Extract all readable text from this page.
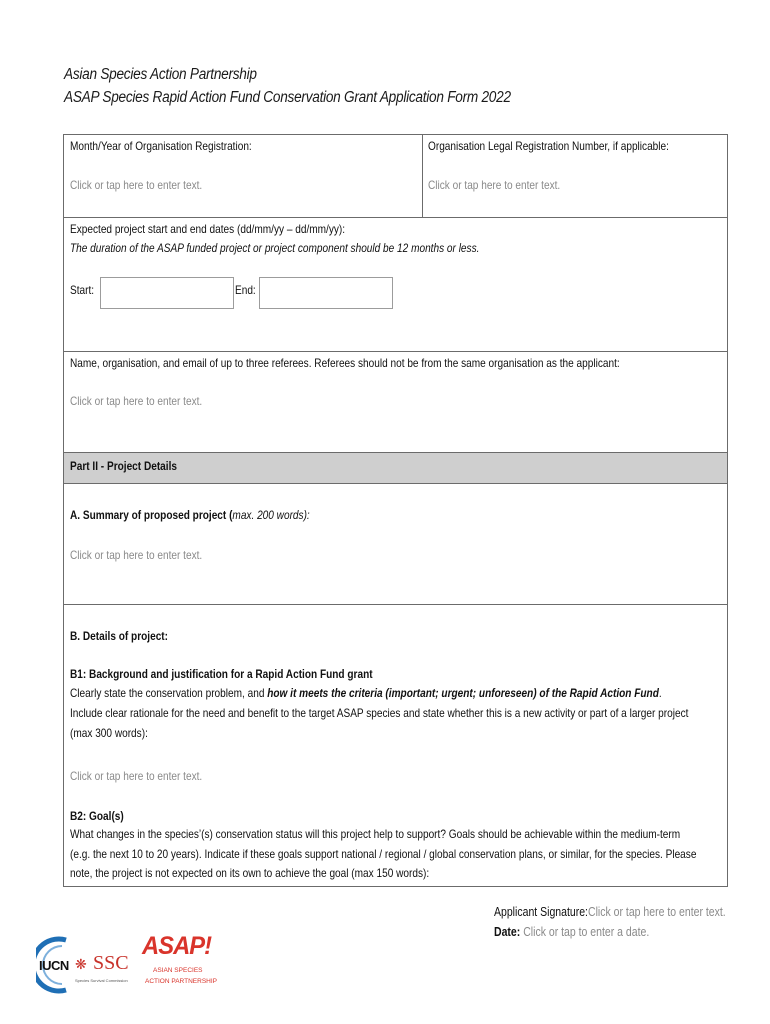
Asian Species Action Partnership
ASAP Species Rapid Action Fund Conservation Grant Application Form 2022
Month/Year of Organisation Registration:
Click or tap here to enter text.
Organisation Legal Registration Number, if applicable:
Click or tap here to enter text.
Expected project start and end dates (dd/mm/yy – dd/mm/yy):
The duration of the ASAP funded project or project component should be 12 months or less.
Start:	End:
Name, organisation, and email of up to three referees. Referees should not be from the same organisation as the applicant:
Click or tap here to enter text.
Part II - Project Details
A. Summary of proposed project (max. 200 words):
Click or tap here to enter text.
B. Details of project:
B1: Background and justification for a Rapid Action Fund grant
Clearly state the conservation problem, and how it meets the criteria (important; urgent; unforeseen) of the Rapid Action Fund.
Include clear rationale for the need and benefit to the target ASAP species and state whether this is a new activity or part of a larger project
(max 300 words):
Click or tap here to enter text.
B2: Goal(s)
What changes in the species’(s) conservation status will this project help to support? Goals should be achievable within the medium-term
(e.g. the next 10 to 20 years). Indicate if these goals support national / regional / global conservation plans, or similar, for the species. Please
note, the project is not expected on its own to achieve the goal (max 150 words):
Applicant Signature:Click or tap here to enter text.
Date: Click or tap to enter a date.
IUCN ❋ SSC
Species Survival Commission
ASAP!
ASIAN SPECIES
ACTION PARTNERSHIP
